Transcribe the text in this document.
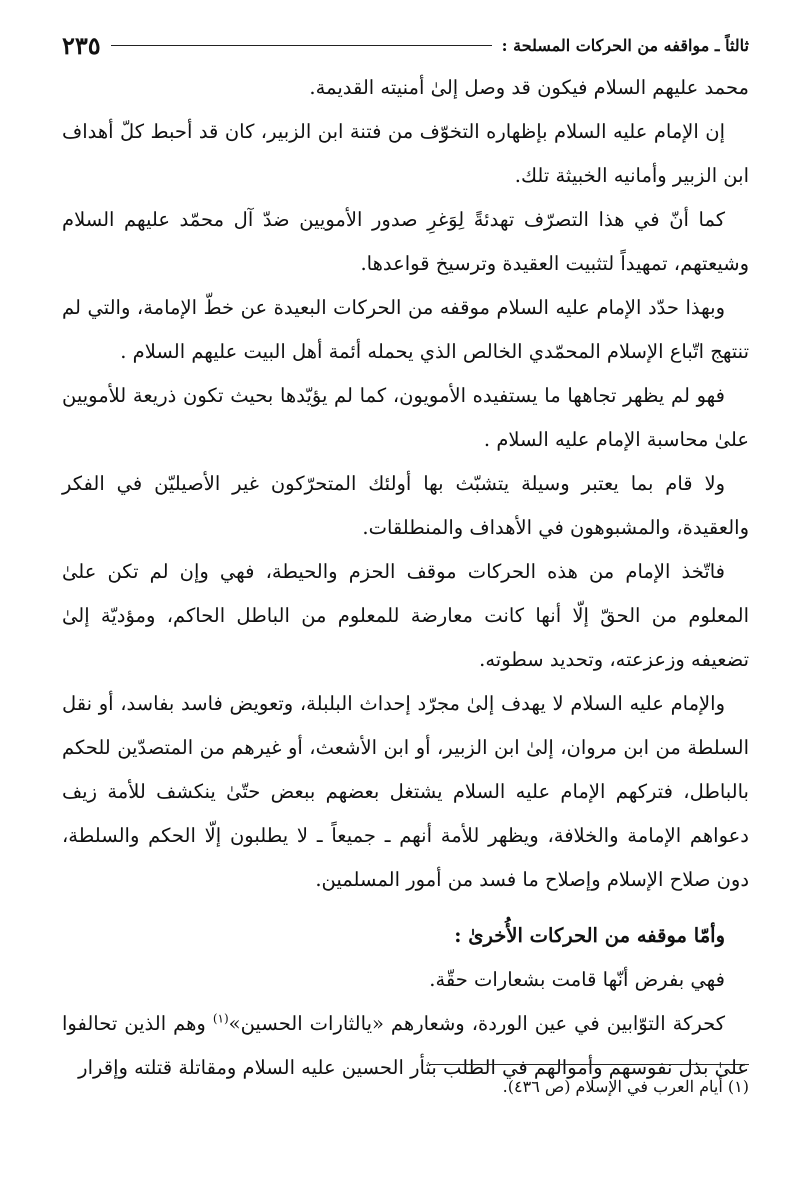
ثالثاً ـ مواقفه من الحركات المسلحة :
٢٣٥

محمد عليهم السلام فيكون قد وصل إلىٰ أمنيته القديمة.

إن الإمام عليه السلام بإظهاره التخوّف من فتنة ابن الزبير، كان قد أحبط كلّ أهداف ابن الزبير وأمانيه الخبيثة تلك.

كما أنّ في هذا التصرّف تهدئةً لِوَغرِ صدور الأمويين ضدّ آل محمّد عليهم السلام وشيعتهم، تمهيداً لتثبيت العقيدة وترسيخ قواعدها.

وبهذا حدّد الإمام عليه السلام موقفه من الحركات البعيدة عن خطّ الإمامة، والتي لم تنتهج اتّباع الإسلام المحمّدي الخالص الذي يحمله أئمة أهل البيت عليهم السلام .

فهو لم يظهر تجاهها ما يستفيده الأمويون، كما لم يؤيّدها بحيث تكون ذريعة للأمويين علىٰ محاسبة الإمام عليه السلام .

ولا قام بما يعتبر وسيلة يتشبّث بها أولئك المتحرّكون غير الأصيليّن في الفكر والعقيدة، والمشبوهون في الأهداف والمنطلقات.

فاتّخذ الإمام من هذه الحركات موقف الحزم والحيطة، فهي وإن لم تكن علىٰ المعلوم من الحقّ إلّا أنها كانت معارضة للمعلوم من الباطل الحاكم، ومؤديّة إلىٰ تضعيفه وزعزعته، وتحديد سطوته.

والإمام عليه السلام لا يهدف إلىٰ مجرّد إحداث البلبلة، وتعويض فاسد بفاسد، أو نقل السلطة من ابن مروان، إلىٰ ابن الزبير، أو ابن الأشعث، أو غيرهم من المتصدّين للحكم بالباطل، فتركهم الإمام عليه السلام يشتغل بعضهم ببعض حتّىٰ ينكشف للأمة زيف دعواهم الإمامة والخلافة، ويظهر للأمة أنهم ـ جميعاً ـ لا يطلبون إلّا الحكم والسلطة، دون صلاح الإسلام وإصلاح ما فسد من أمور المسلمين.

وأمّا موقفه من الحركات الأُخرىٰ :

فهي بفرض أنّها قامت بشعارات حقّة.

كحركة التوّابين في عين الوردة، وشعارهم «يالثارات الحسين»$^{(١)}$ وهم الذين تحالفوا علىٰ بذل نفوسهم وأموالهم في الطلب بثأر الحسين عليه السلام ومقاتلة قتلته وإقرار

(١) أيام العرب في الإسلام (ص ٤٣٦).
